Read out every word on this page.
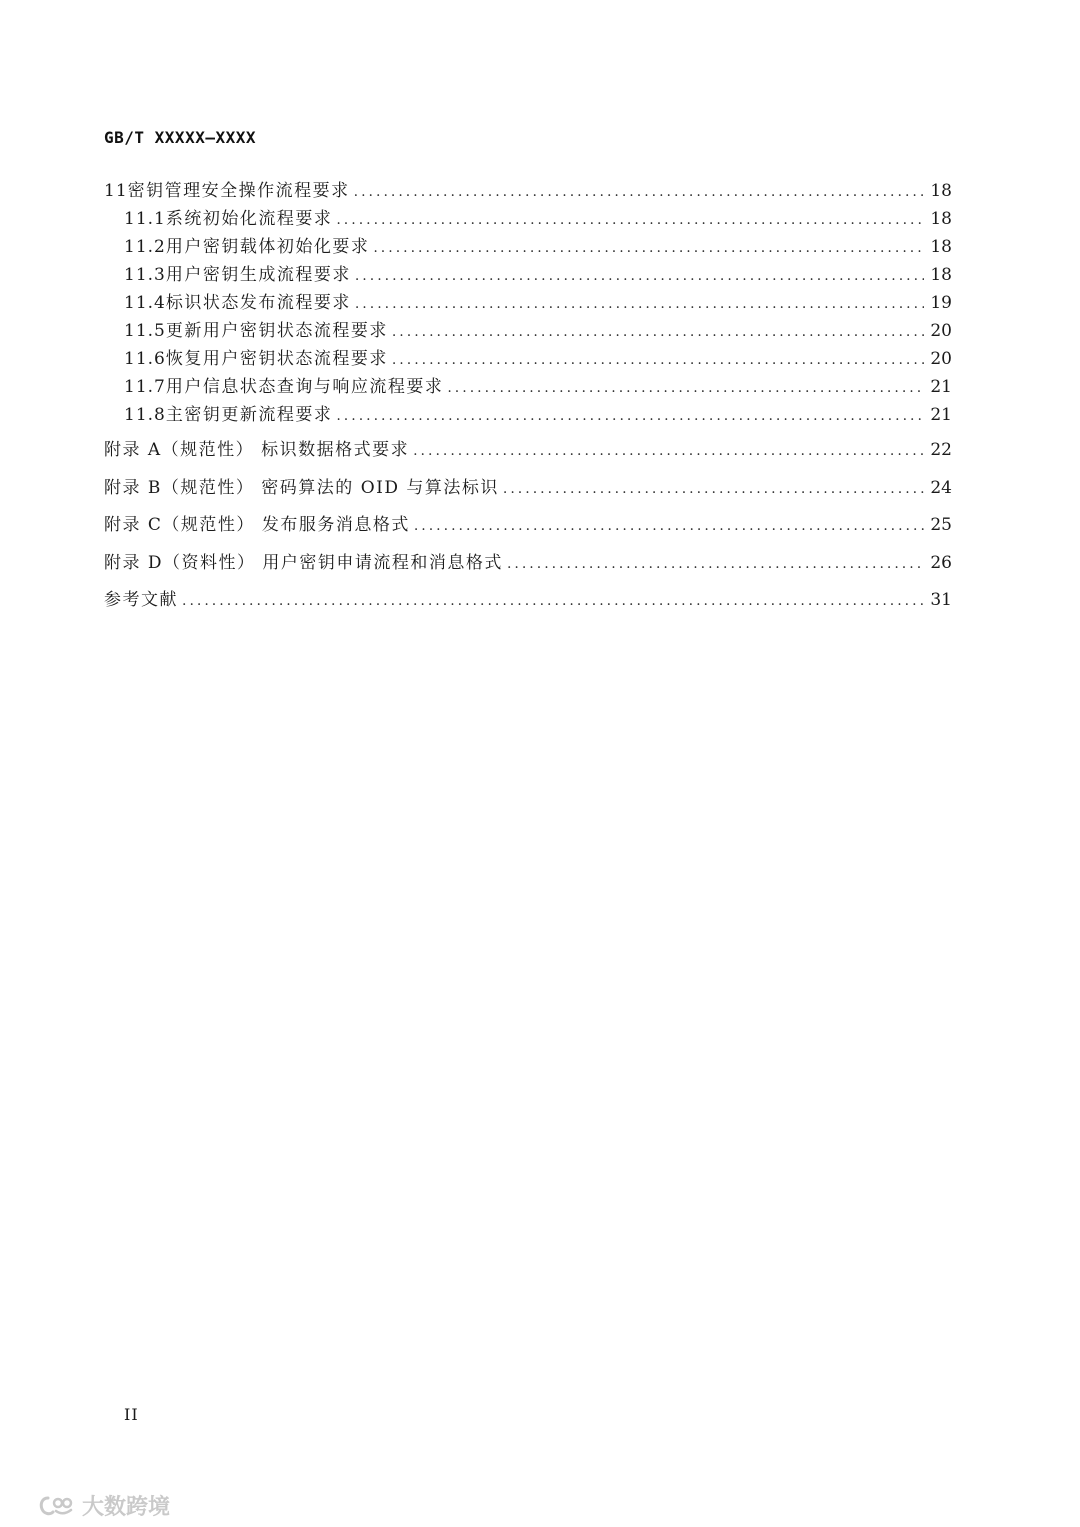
GB/T XXXXX—XXXX
11 密钥管理安全操作流程要求 .....	18
11.1 系统初始化流程要求 .....	18
11.2 用户密钥载体初始化要求 .....	18
11.3 用户密钥生成流程要求 .....	18
11.4 标识状态发布流程要求 .....	19
11.5 更新用户密钥状态流程要求 .....	20
11.6 恢复用户密钥状态流程要求 .....	20
11.7 用户信息状态查询与响应流程要求 .....	21
11.8 主密钥更新流程要求 .....	21
附录 A（规范性） 标识数据格式要求 .....	22
附录 B（规范性） 密码算法的 OID 与算法标识 .....	24
附录 C（规范性） 发布服务消息格式 .....	25
附录 D（资料性） 用户密钥申请流程和消息格式 .....	26
参考文献 .....	31
II
大数跨境
